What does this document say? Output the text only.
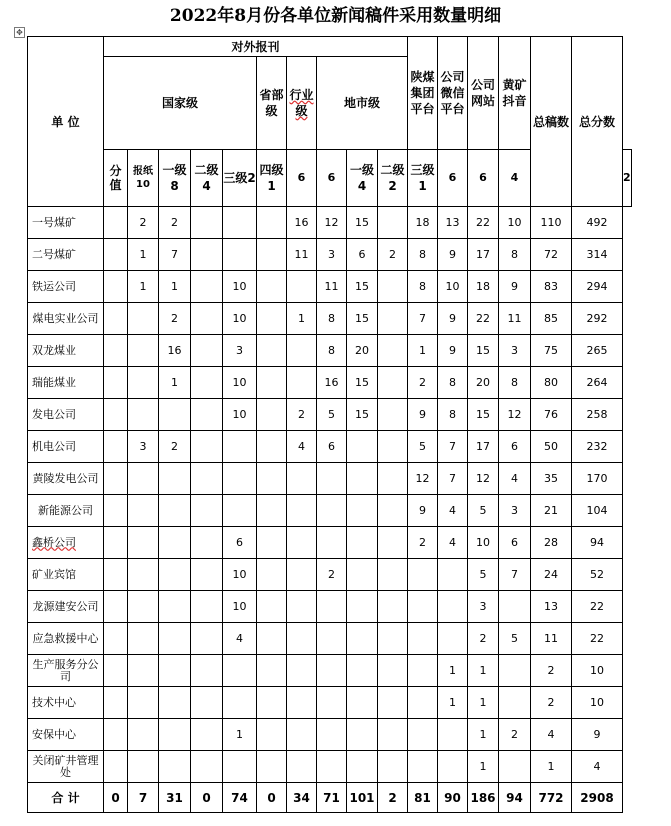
2022年8月份各单位新闻稿件采用数量明细
✥
单 位	对外报刊										陕煤集团平台	公司微信平台	公司网站	黄矿抖音	总稿数	总分数	
	国家级					省部级	行业级	地市级									
	分值	报纸10	一级8	二级4	三级2	四级1	6	6	一级4	二级2	三级1	6	6	4			2
一号煤矿		2	2				16	12	15		18	13	22	10	110	492	
二号煤矿		1	7				11	3	6	2	8	9	17	8	72	314	
铁运公司		1	1		10			11	15		8	10	18	9	83	294	
煤电实业公司			2		10		1	8	15		7	9	22	11	85	292	
双龙煤业			16		3			8	20		1	9	15	3	75	265	
瑞能煤业			1		10			16	15		2	8	20	8	80	264	
发电公司					10		2	5	15		9	8	15	12	76	258	
机电公司		3	2				4	6			5	7	17	6	50	232	
黄陵发电公司											12	7	12	4	35	170	
新能源公司											9	4	5	3	21	104	
鑫桥公司					6						2	4	10	6	28	94	
矿业宾馆					10			2					5	7	24	52	
龙源建安公司					10								3		13	22	
应急救援中心					4								2	5	11	22	
生产服务分公司												1	1		2	10	
技术中心												1	1		2	10	
安保中心					1								1	2	4	9	
关闭矿井管理处													1		1	4	
合 计	0	7	31	0	74	0	34	71	101	2	81	90	186	94	772	2908	
